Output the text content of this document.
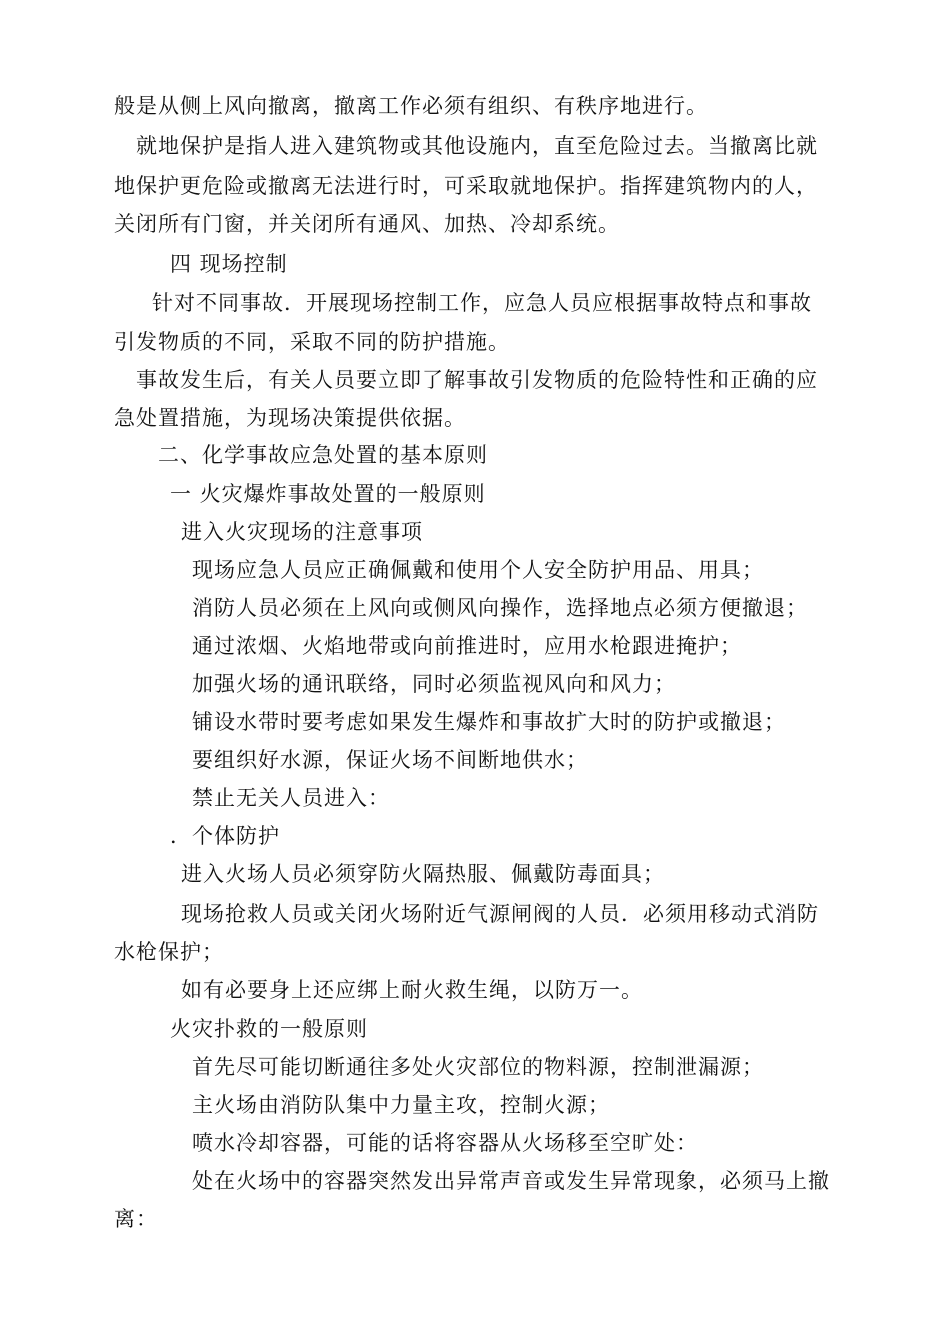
般是从侧上风向撤离，撤离工作必须有组织、有秩序地进行。
就地保护是指人进入建筑物或其他设施内，直至危险过去。当撤离比就
地保护更危险或撤离无法进行时，可采取就地保护。指挥建筑物内的人，
关闭所有门窗，并关闭所有通风、加热、冷却系统。
四 现场控制
针对不同事故．开展现场控制工作，应急人员应根据事故特点和事故
引发物质的不同，采取不同的防护措施。
事故发生后，有关人员要立即了解事故引发物质的危险特性和正确的应
急处置措施，为现场决策提供依据。
二、化学事故应急处置的基本原则
一 火灾爆炸事故处置的一般原则
进入火灾现场的注意事项
现场应急人员应正确佩戴和使用个人安全防护用品、用具；
消防人员必须在上风向或侧风向操作，选择地点必须方便撤退；
通过浓烟、火焰地带或向前推进时，应用水枪跟进掩护；
加强火场的通讯联络，同时必须监视风向和风力；
铺设水带时要考虑如果发生爆炸和事故扩大时的防护或撤退；
要组织好水源，保证火场不间断地供水；
禁止无关人员进入：
．个体防护
进入火场人员必须穿防火隔热服、佩戴防毒面具；
现场抢救人员或关闭火场附近气源闸阀的人员．必须用移动式消防
水枪保护；
如有必要身上还应绑上耐火救生绳，以防万一。
火灾扑救的一般原则
首先尽可能切断通往多处火灾部位的物料源，控制泄漏源；
主火场由消防队集中力量主攻，控制火源；
喷水冷却容器，可能的话将容器从火场移至空旷处：
处在火场中的容器突然发出异常声音或发生异常现象，必须马上撤
离：
